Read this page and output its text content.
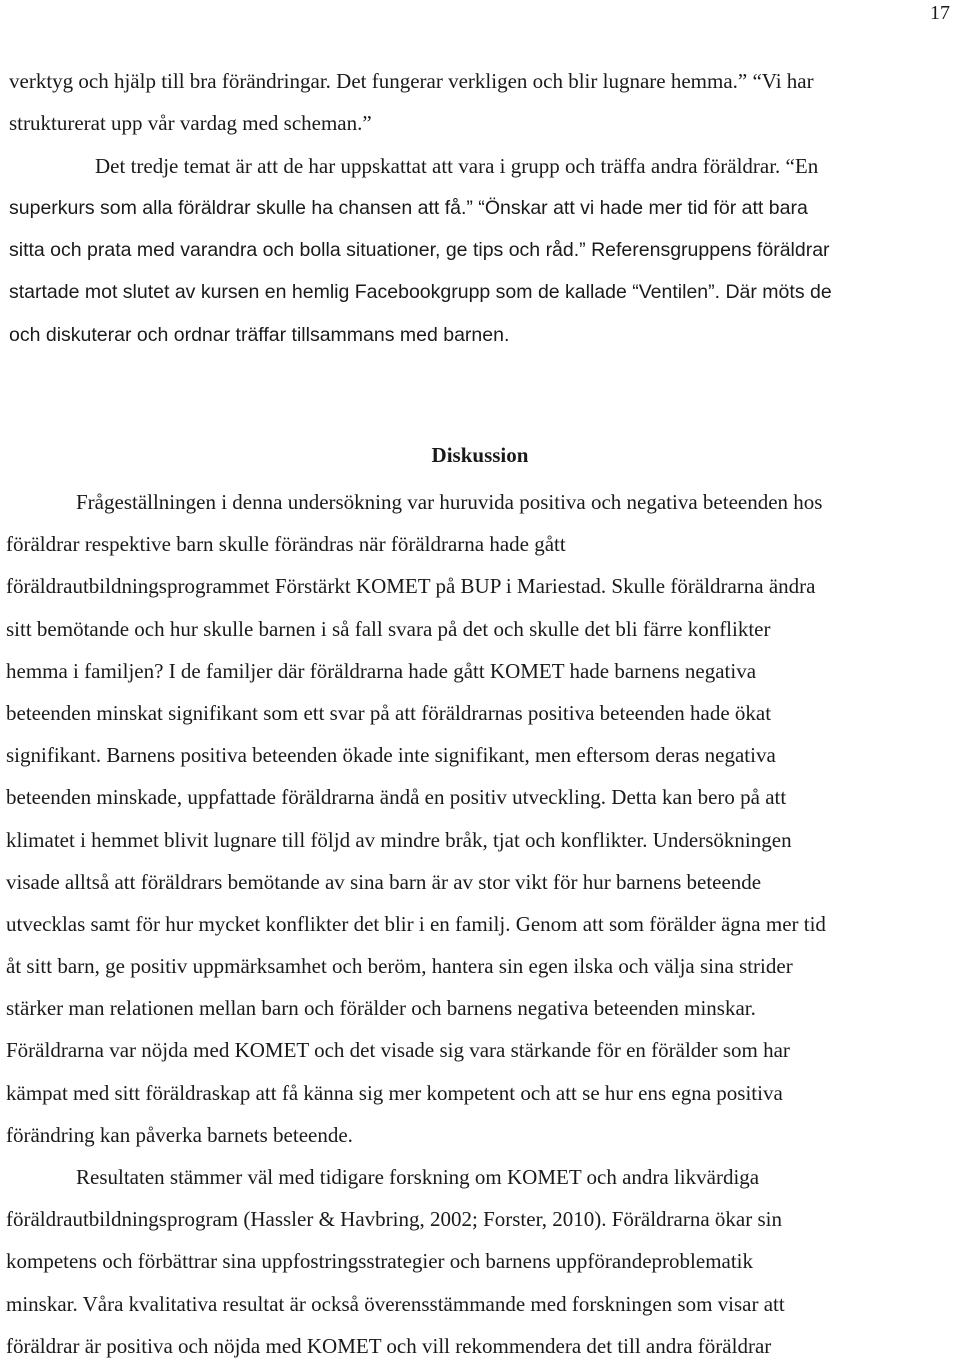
17
verktyg och hjälp till bra förändringar. Det fungerar verkligen och blir lugnare hemma.” “Vi har
strukturerat upp vår vardag med scheman.”
Det tredje temat är att de har uppskattat att vara i grupp och träffa andra föräldrar. “En
superkurs som alla föräldrar skulle ha chansen att få.” “Önskar att vi hade mer tid för att bara
sitta och prata med varandra och bolla situationer, ge tips och råd.” Referensgruppens föräldrar
startade mot slutet av kursen en hemlig Facebookgrupp som de kallade “Ventilen”. Där möts de
och diskuterar och ordnar träffar tillsammans med barnen.
Diskussion
Frågeställningen i denna undersökning var huruvida positiva och negativa beteenden hos
föräldrar respektive barn skulle förändras när föräldrarna hade gått
föräldrautbildningsprogrammet Förstärkt KOMET på BUP i Mariestad. Skulle föräldrarna ändra
sitt bemötande och hur skulle barnen i så fall svara på det och skulle det bli färre konflikter
hemma i familjen? I de familjer där föräldrarna hade gått KOMET hade barnens negativa
beteenden minskat signifikant som ett svar på att föräldrarnas positiva beteenden hade ökat
signifikant. Barnens positiva beteenden ökade inte signifikant, men eftersom deras negativa
beteenden minskade, uppfattade föräldrarna ändå en positiv utveckling. Detta kan bero på att
klimatet i hemmet blivit lugnare till följd av mindre bråk, tjat och konflikter. Undersökningen
visade alltså att föräldrars bemötande av sina barn är av stor vikt för hur barnens beteende
utvecklas samt för hur mycket konflikter det blir i en familj. Genom att som förälder ägna mer tid
åt sitt barn, ge positiv uppmärksamhet och beröm, hantera sin egen ilska och välja sina strider
stärker man relationen mellan barn och förälder och barnens negativa beteenden minskar.
Föräldrarna var nöjda med KOMET och det visade sig vara stärkande för en förälder som har
kämpat med sitt föräldraskap att få känna sig mer kompetent och att se hur ens egna positiva
förändring kan påverka barnets beteende.
Resultaten stämmer väl med tidigare forskning om KOMET och andra likvärdiga
föräldrautbildningsprogram (Hassler & Havbring, 2002; Forster, 2010). Föräldrarna ökar sin
kompetens och förbättrar sina uppfostringsstrategier och barnens uppförandeproblematik
minskar. Våra kvalitativa resultat är också överensstämmande med forskningen som visar att
föräldrar är positiva och nöjda med KOMET och vill rekommendera det till andra föräldrar
